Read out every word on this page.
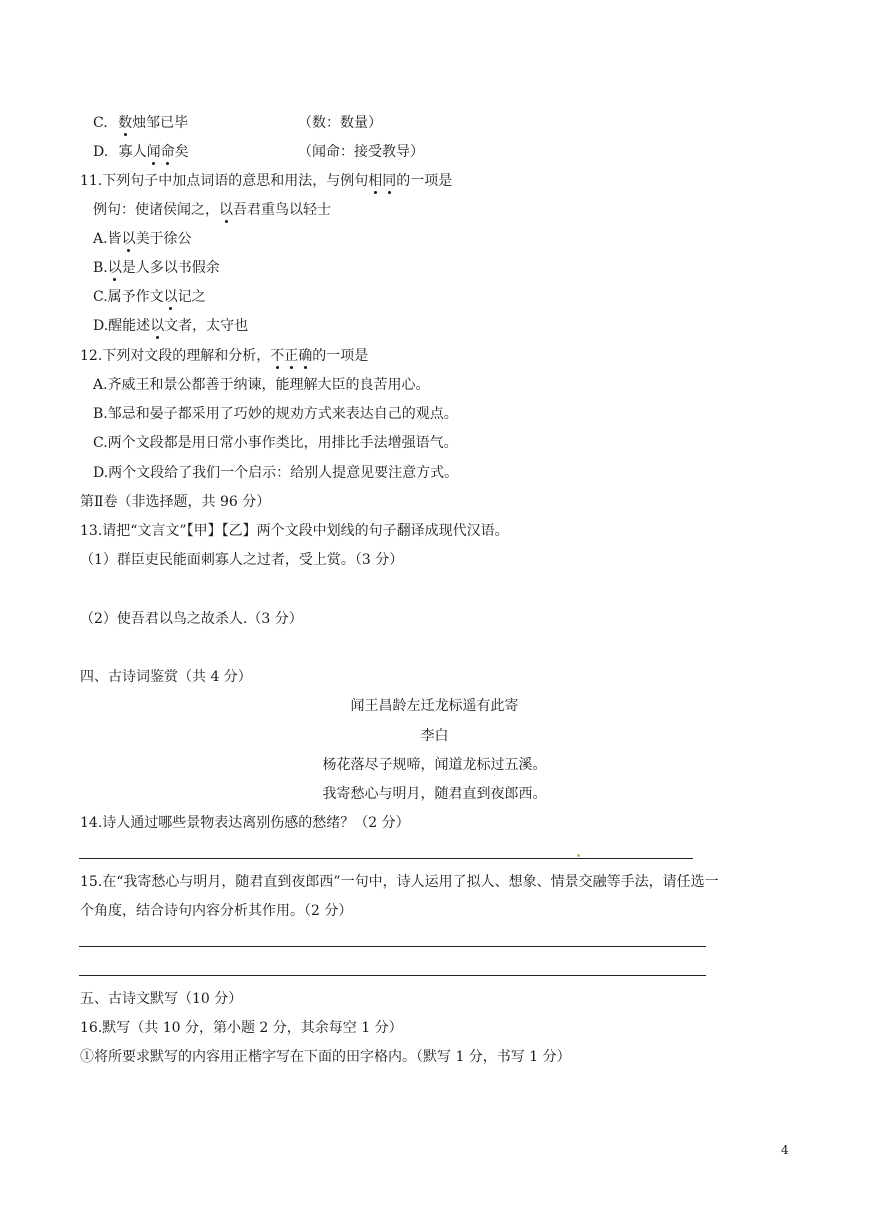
C. 数烛邹已毕	（数：数量）
D. 寡人闻命矣	（闻命：接受教导）
11.下列句子中加点词语的意思和用法，与例句相同的一项是
例句：使诸侯闻之，以吾君重鸟以轻士
A.皆以美于徐公
B.以是人多以书假余
C.属予作文以记之
D.醒能述以文者，太守也
12.下列对文段的理解和分析，不正确的一项是
A.齐威王和景公都善于纳谏，能理解大臣的良苦用心。
B.邹忌和晏子都采用了巧妙的规劝方式来表达自己的观点。
C.两个文段都是用日常小事作类比，用排比手法增强语气。
D.两个文段给了我们一个启示：给别人提意见要注意方式。
第Ⅱ卷（非选择题，共 96 分）
13.请把“文言文”【甲】【乙】两个文段中划线的句子翻译成现代汉语。
（1）群臣吏民能面刺寡人之过者，受上赏。（3 分）
（2）使吾君以鸟之故杀人.（3 分）
四、古诗词鉴赏（共 4 分）
闻王昌龄左迁龙标遥有此寄
李白
杨花落尽子规啼，闻道龙标过五溪。
我寄愁心与明月，随君直到夜郎西。
14.诗人通过哪些景物表达离别伤感的愁绪？（2 分）
15.在“我寄愁心与明月，随君直到夜郎西”一句中，诗人运用了拟人、想象、情景交融等手法，请任选一
个角度，结合诗句内容分析其作用。（2 分）
五、古诗文默写（10 分）
16.默写（共 10 分，第小题 2 分，其余每空 1 分）
①将所要求默写的内容用正楷字写在下面的田字格内。（默写 1 分，书写 1 分）
4
